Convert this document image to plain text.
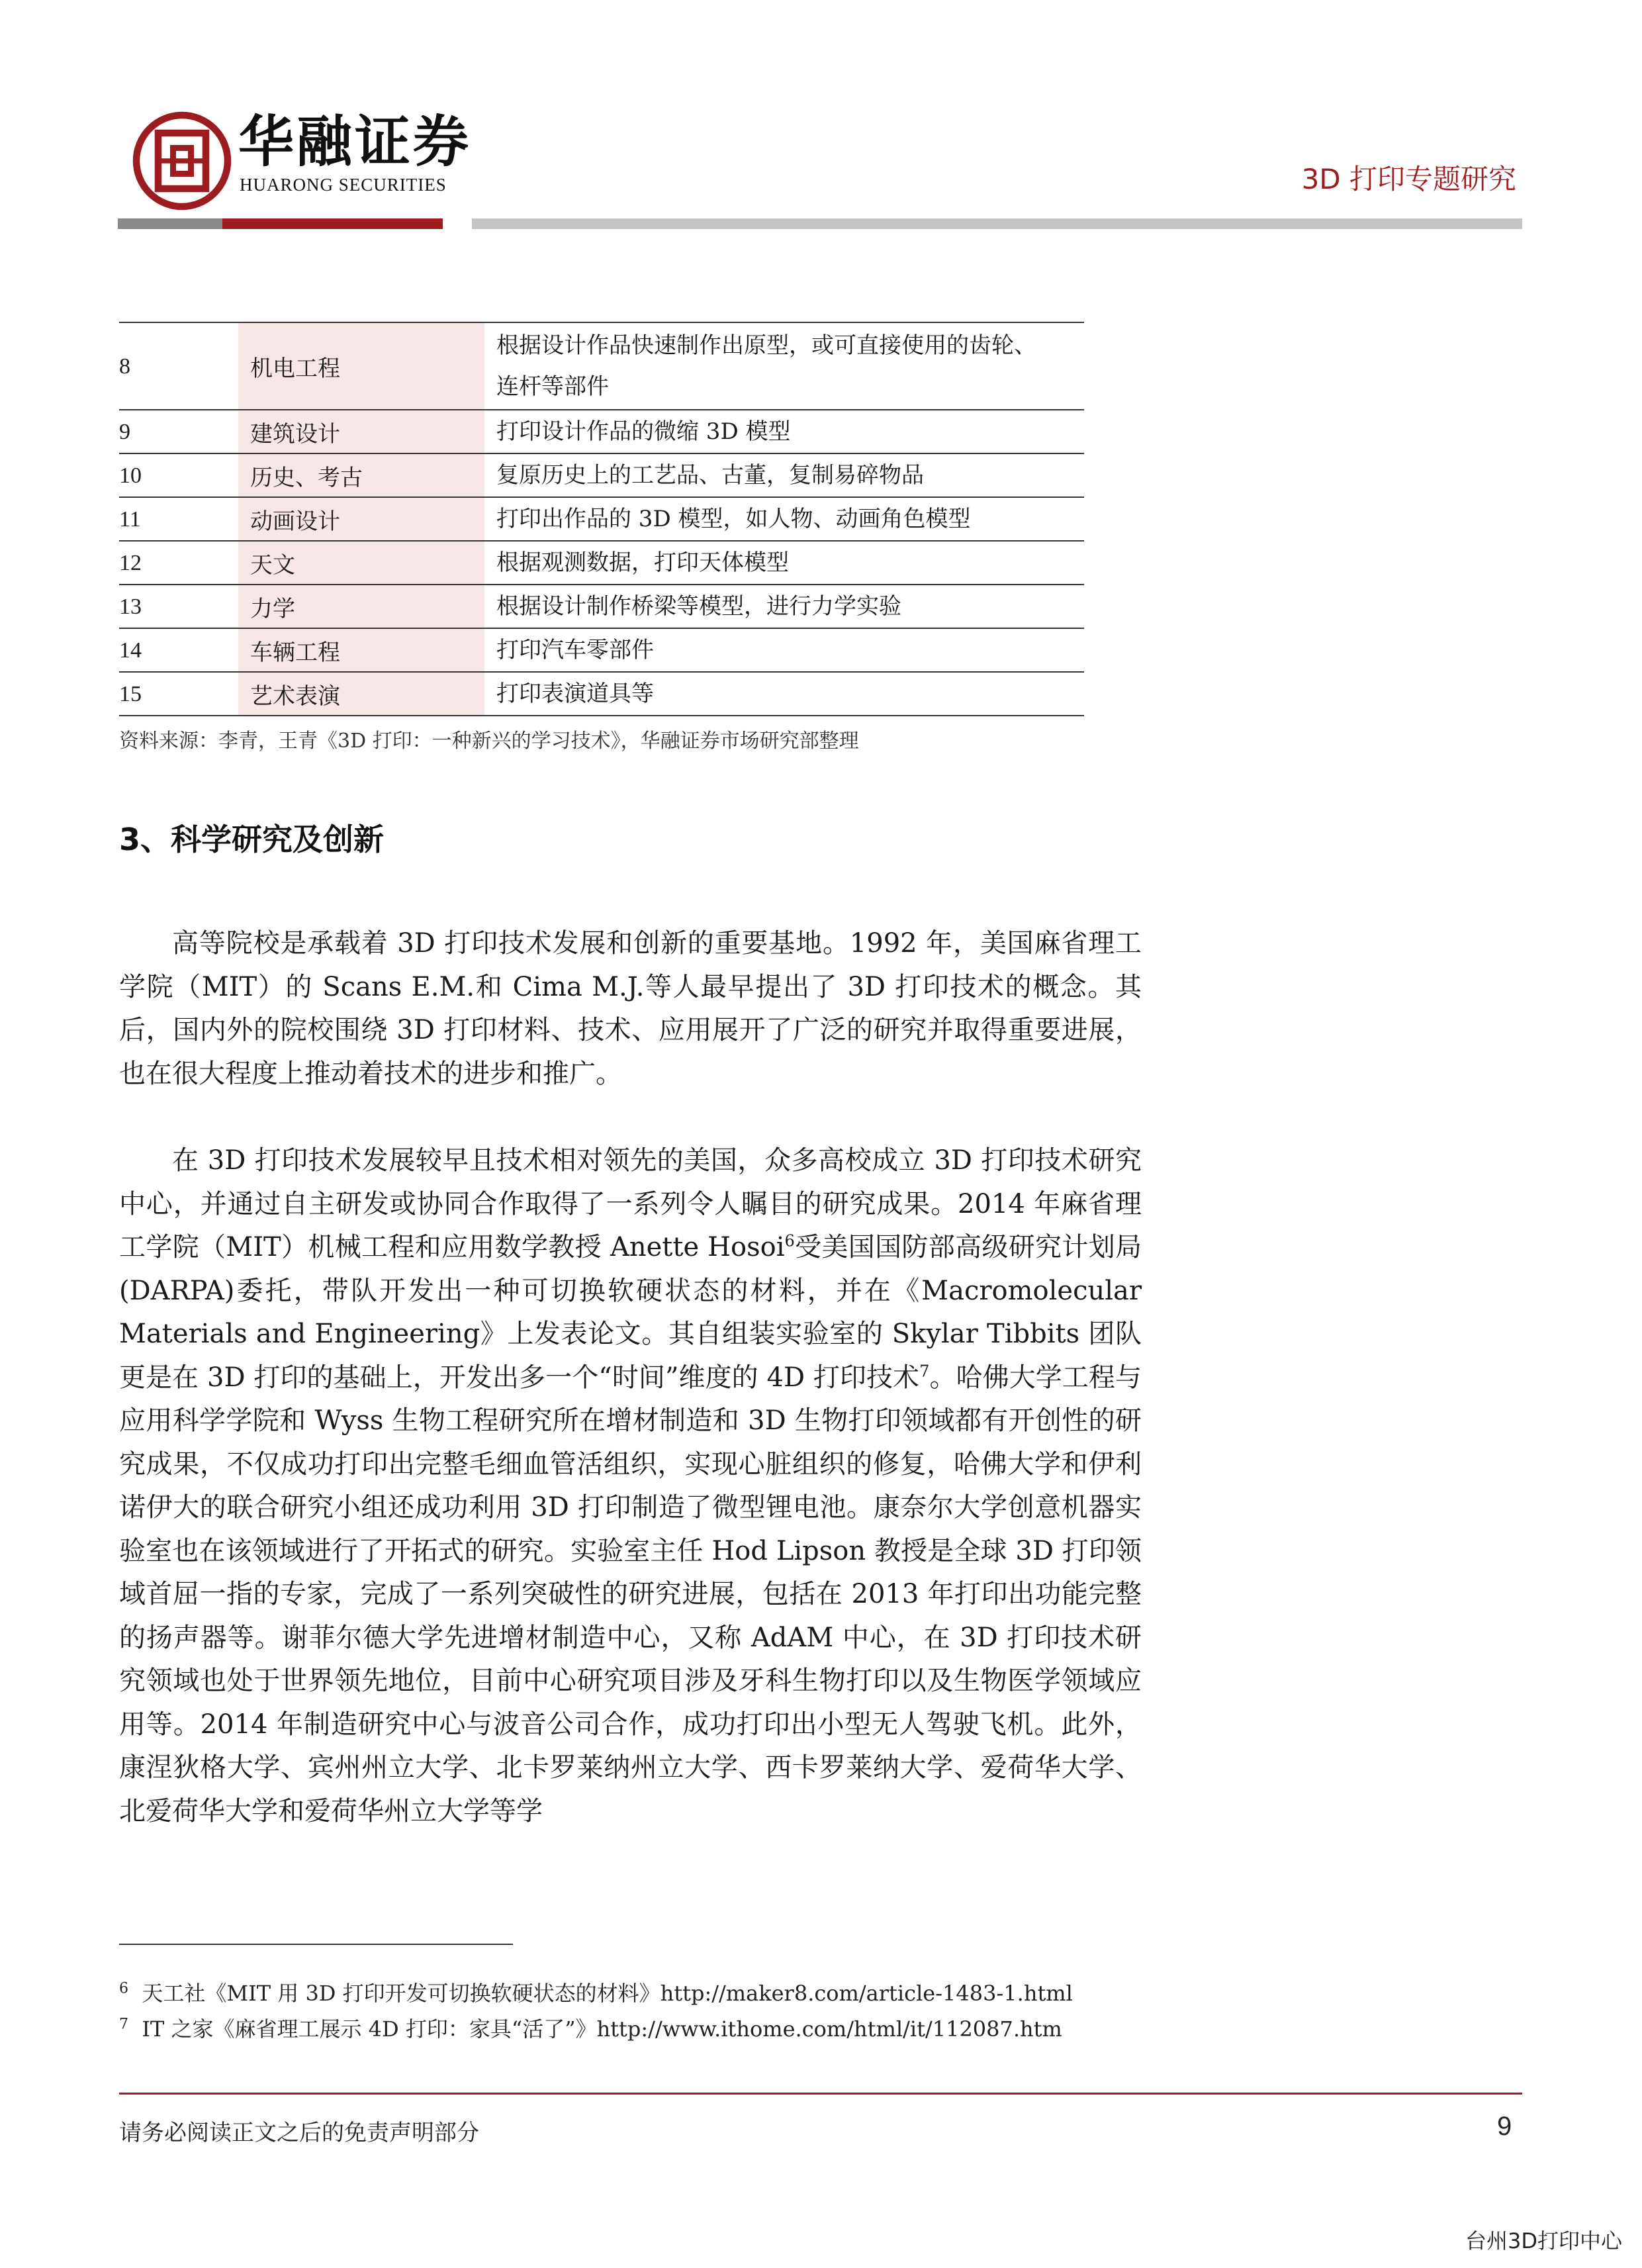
华融证券
HUARONG SECURITIES	3D 打印专题研究
8	机电工程	根据设计作品快速制作出原型，或可直接使用的齿轮、
连杆等部件

9	建筑设计	打印设计作品的微缩 3D 模型
10	历史、考古	复原历史上的工艺品、古董，复制易碎物品
11	动画设计	打印出作品的 3D 模型，如人物、动画角色模型
12	天文	根据观测数据，打印天体模型
13	力学	根据设计制作桥梁等模型，进行力学实验
14	车辆工程	打印汽车零部件
15	艺术表演	打印表演道具等
资料来源：李青，王青《3D 打印：一种新兴的学习技术》，华融证券市场研究部整理
3、科学研究及创新
高等院校是承载着 3D 打印技术发展和创新的重要基地。1992 年，美国麻省理工学院（MIT）的 Scans E.M.和 Cima M.J.等人最早提出了 3D 打印技术的概念。其后，国内外的院校围绕 3D 打印材料、技术、应用展开了广泛的研究并取得重要进展，也在很大程度上推动着技术的进步和推广。
在 3D 打印技术发展较早且技术相对领先的美国，众多高校成立 3D 打印技术研究中心，并通过自主研发或协同合作取得了一系列令人瞩目的研究成果。2014 年麻省理工学院（MIT）机械工程和应用数学教授 Anette Hosoi$^6$受美国国防部高级研究计划局(DARPA)委托，带队开发出一种可切换软硬状态的材料，并在《Macromolecular Materials and Engineering》上发表论文。其自组装实验室的 Skylar Tibbits 团队更是在 3D 打印的基础上，开发出多一个“时间”维度的 4D 打印技术$^7$。哈佛大学工程与应用科学学院和 Wyss 生物工程研究所在增材制造和 3D 生物打印领域都有开创性的研究成果，不仅成功打印出完整毛细血管活组织，实现心脏组织的修复，哈佛大学和伊利诺伊大的联合研究小组还成功利用 3D 打印制造了微型锂电池。康奈尔大学创意机器实验室也在该领域进行了开拓式的研究。实验室主任 Hod Lipson 教授是全球 3D 打印领域首屈一指的专家，完成了一系列突破性的研究进展，包括在 2013 年打印出功能完整的扬声器等。谢菲尔德大学先进增材制造中心，又称 AdAM 中心，在 3D 打印技术研究领域也处于世界领先地位，目前中心研究项目涉及牙科生物打印以及生物医学领域应用等。2014 年制造研究中心与波音公司合作，成功打印出小型无人驾驶飞机。此外，康涅狄格大学、宾州州立大学、北卡罗莱纳州立大学、西卡罗莱纳大学、爱荷华大学、北爱荷华大学和爱荷华州立大学等学
$^6$ 天工社《MIT 用 3D 打印开发可切换软硬状态的材料》http://maker8.com/article-1483-1.html
$^7$ IT 之家《麻省理工展示 4D 打印：家具“活了”》http://www.ithome.com/html/it/112087.htm
请务必阅读正文之后的免责声明部分	9
台州3D打印中心
